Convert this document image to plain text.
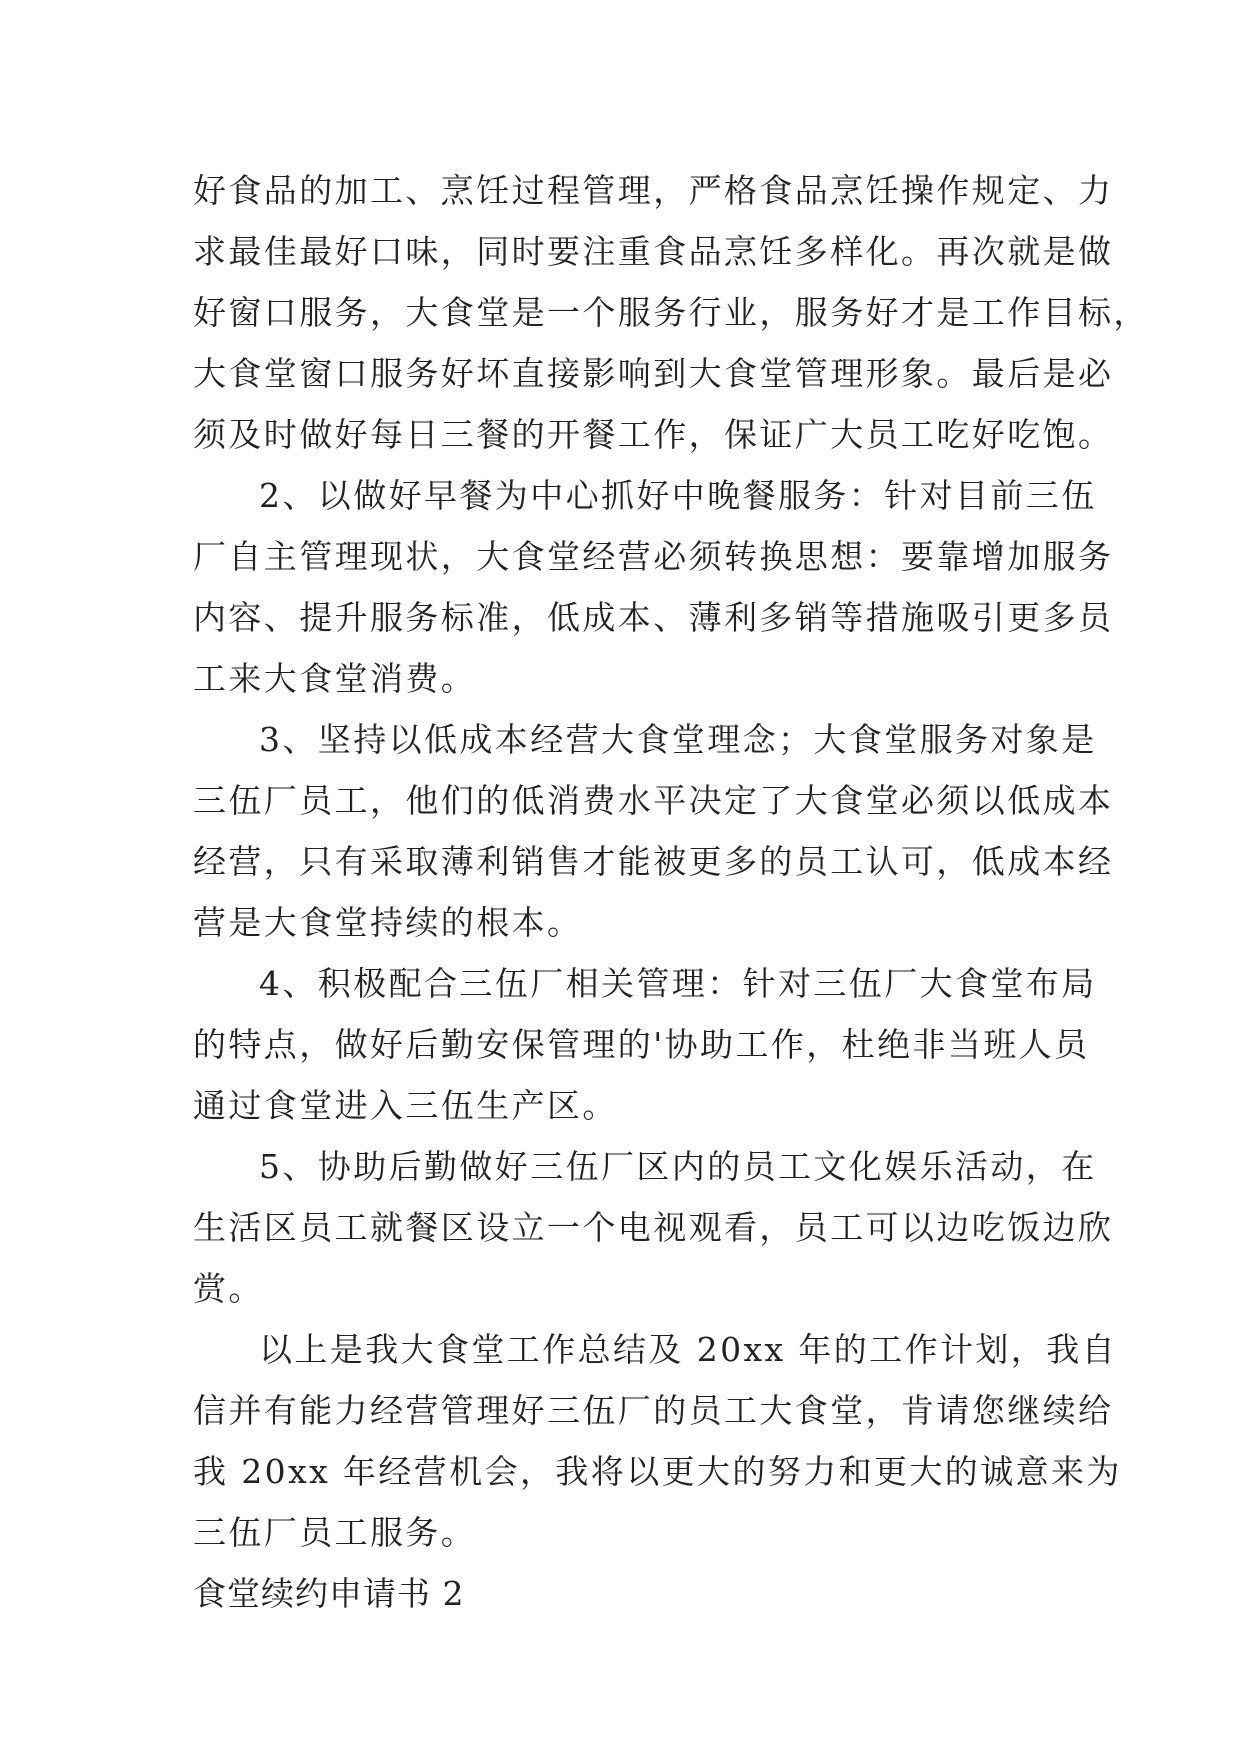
好食品的加工、烹饪过程管理，严格食品烹饪操作规定、力
求最佳最好口味，同时要注重食品烹饪多样化。再次就是做
好窗口服务，大食堂是一个服务行业，服务好才是工作目标，
大食堂窗口服务好坏直接影响到大食堂管理形象。最后是必
须及时做好每日三餐的开餐工作，保证广大员工吃好吃饱。
2、以做好早餐为中心抓好中晚餐服务：针对目前三伍
厂自主管理现状，大食堂经营必须转换思想：要靠增加服务
内容、提升服务标准，低成本、薄利多销等措施吸引更多员
工来大食堂消费。
3、坚持以低成本经营大食堂理念；大食堂服务对象是
三伍厂员工，他们的低消费水平决定了大食堂必须以低成本
经营，只有采取薄利销售才能被更多的员工认可，低成本经
营是大食堂持续的根本。
4、积极配合三伍厂相关管理：针对三伍厂大食堂布局
的特点，做好后勤安保管理的'协助工作，杜绝非当班人员
通过食堂进入三伍生产区。
5、协助后勤做好三伍厂区内的员工文化娱乐活动，在
生活区员工就餐区设立一个电视观看，员工可以边吃饭边欣
赏。
以上是我大食堂工作总结及 20xx 年的工作计划，我自
信并有能力经营管理好三伍厂的员工大食堂，肯请您继续给
我 20xx 年经营机会，我将以更大的努力和更大的诚意来为
三伍厂员工服务。
食堂续约申请书 2
